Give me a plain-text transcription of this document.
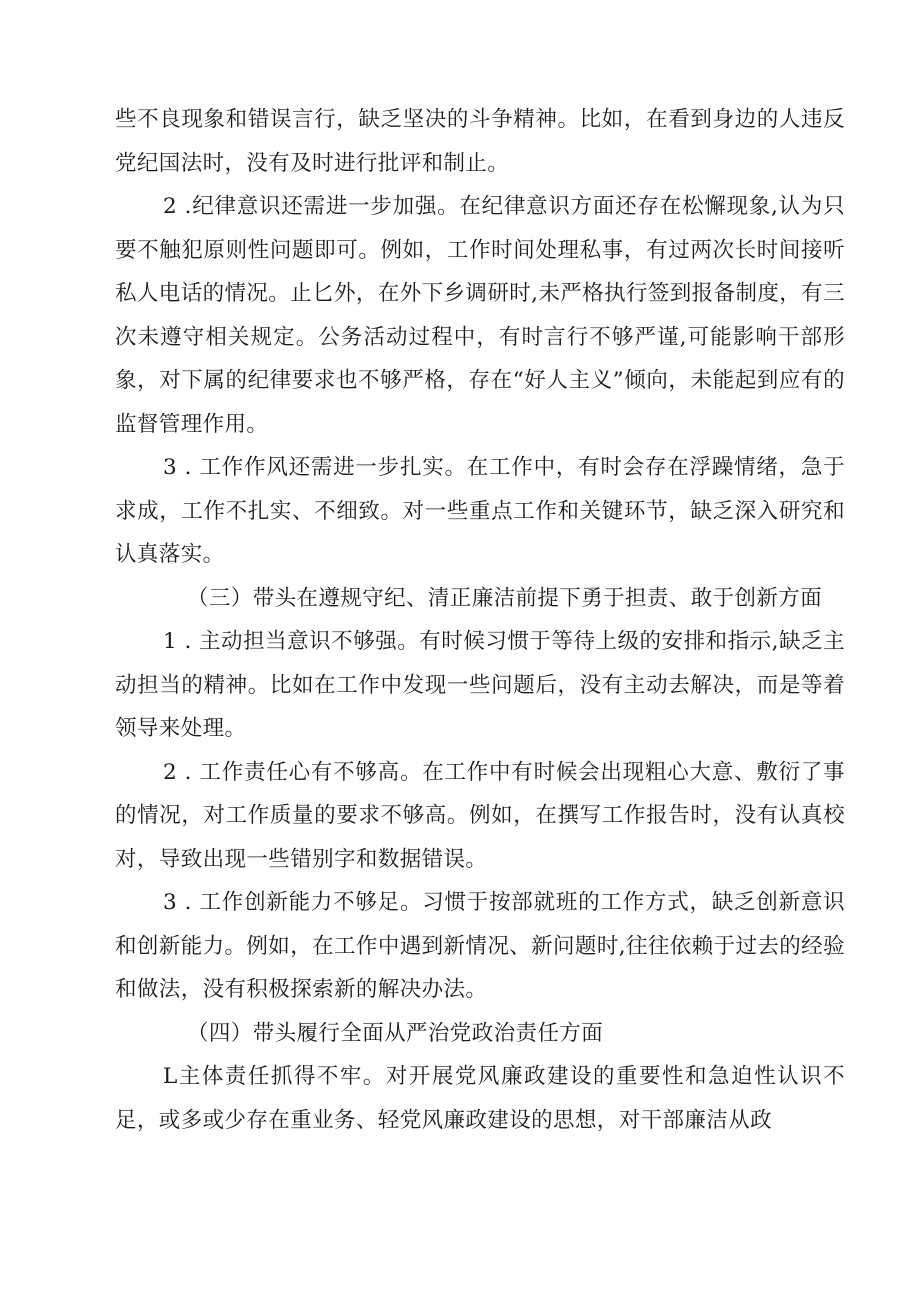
些不良现象和错误言行，缺乏坚决的斗争精神。比如，在看到身边的人违反党纪国法时，没有及时进行批评和制止。

2 .纪律意识还需进一步加强。在纪律意识方面还存在松懈现象,认为只要不触犯原则性问题即可。例如，工作时间处理私事，有过两次长时间接听私人电话的情况。止匕外，在外下乡调研时,未严格执行签到报备制度，有三次未遵守相关规定。公务活动过程中，有时言行不够严谨,可能影响干部形象，对下属的纪律要求也不够严格，存在“好人主义”倾向，未能起到应有的监督管理作用。

3 . 工作作风还需进一步扎实。在工作中，有时会存在浮躁情绪，急于求成，工作不扎实、不细致。对一些重点工作和关键环节，缺乏深入研究和认真落实。

（三）带头在遵规守纪、清正廉洁前提下勇于担责、敢于创新方面

1 . 主动担当意识不够强。有时候习惯于等待上级的安排和指示,缺乏主动担当的精神。比如在工作中发现一些问题后，没有主动去解决，而是等着领导来处理。

2 . 工作责任心有不够高。在工作中有时候会出现粗心大意、敷衍了事的情况，对工作质量的要求不够高。例如，在撰写工作报告时，没有认真校对，导致出现一些错别字和数据错误。

3 . 工作创新能力不够足。习惯于按部就班的工作方式，缺乏创新意识和创新能力。例如，在工作中遇到新情况、新问题时,往往依赖于过去的经验和做法，没有积极探索新的解决办法。

（四）带头履行全面从严治党政治责任方面

L主体责任抓得不牢。对开展党风廉政建设的重要性和急迫性认识不足，或多或少存在重业务、轻党风廉政建设的思想，对干部廉洁从政
